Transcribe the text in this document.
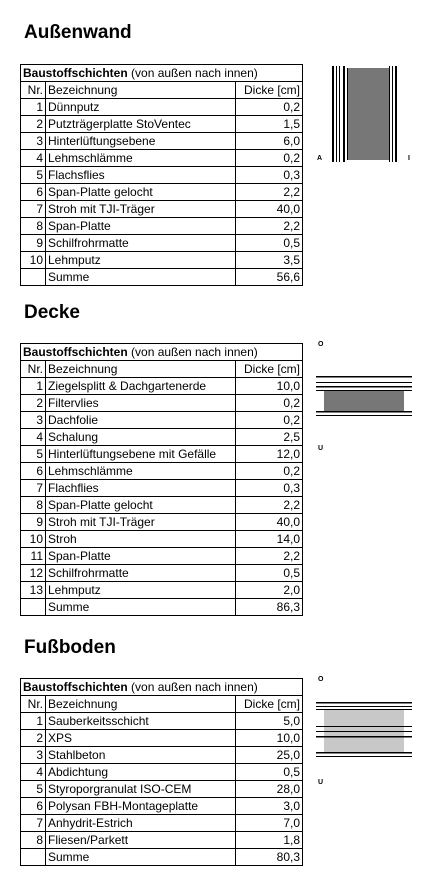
Außenwand
Baustoffschichten (von außen nach innen)		
Nr.	Bezeichnung	Dicke [cm]
1	Dünnputz	0,2
2	Putzträgerplatte StoVentec	1,5
3	Hinterlüftungsebene	6,0
4	Lehmschlämme	0,2
5	Flachsflies	0,3
6	Span-Platte gelocht	2,2
7	Stroh mit TJI-Träger	40,0
8	Span-Platte	2,2
9	Schilfrohrmatte	0,5
10	Lehmputz	3,5
	Summe	56,6
A	I
Decke
Baustoffschichten (von außen nach innen)		
Nr.	Bezeichnung	Dicke [cm]
1	Ziegelsplitt & Dachgartenerde	10,0
2	Filtervlies	0,2
3	Dachfolie	0,2
4	Schalung	2,5
5	Hinterlüftungsebene mit Gefälle	12,0
6	Lehmschlämme	0,2
7	Flachflies	0,3
8	Span-Platte gelocht	2,2
9	Stroh mit TJI-Träger	40,0
10	Stroh	14,0
11	Span-Platte	2,2
12	Schilfrohrmatte	0,5
13	Lehmputz	2,0
	Summe	86,3
O
U
Fußboden
Baustoffschichten (von außen nach innen)		
Nr.	Bezeichnung	Dicke [cm]
1	Sauberkeitsschicht	5,0
2	XPS	10,0
3	Stahlbeton	25,0
4	Abdichtung	0,5
5	Styroporgranulat ISO-CEM	28,0
6	Polysan FBH-Montageplatte	3,0
7	Anhydrit-Estrich	7,0
8	Fliesen/Parkett	1,8
	Summe	80,3
O
U
